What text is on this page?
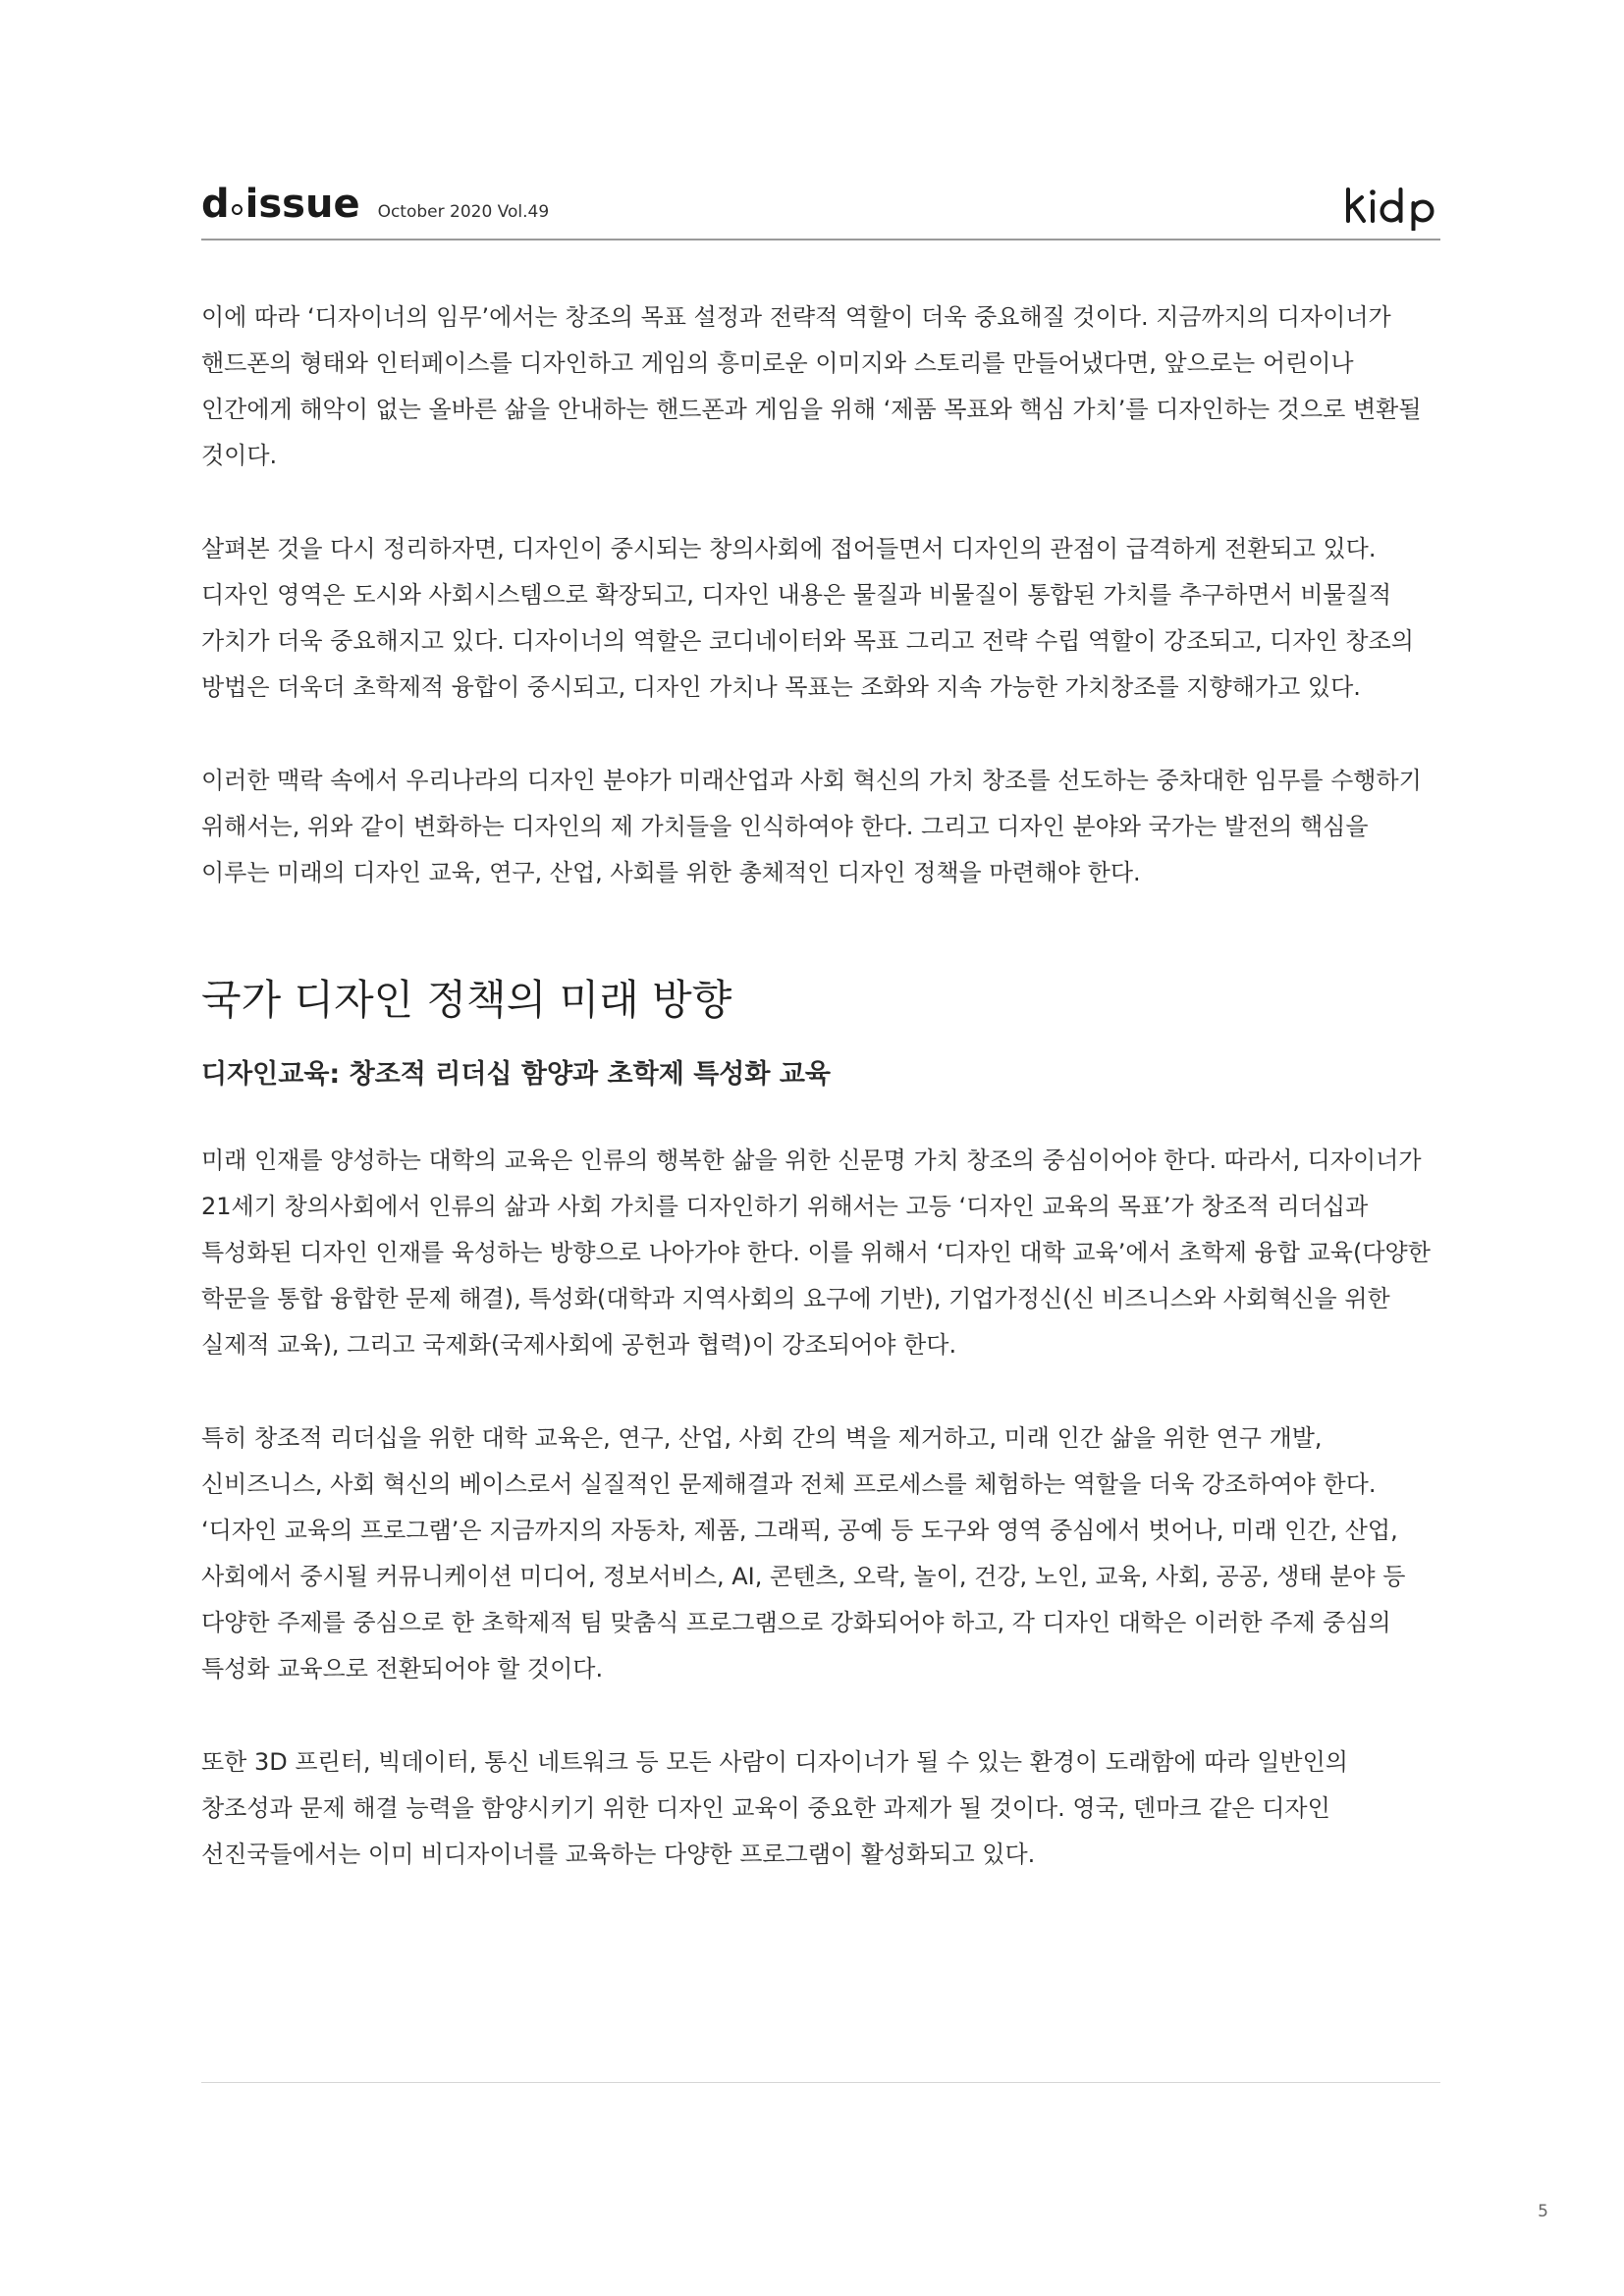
d issue October 2020 Vol.49

이에 따라 ‘디자이너의 임무’에서는 창조의 목표 설정과 전략적 역할이 더욱 중요해질 것이다. 지금까지의 디자이너가 핸드폰의 형태와 인터페이스를 디자인하고 게임의 흥미로운 이미지와 스토리를 만들어냈다면, 앞으로는 어린이나 인간에게 해악이 없는 올바른 삶을 안내하는 핸드폰과 게임을 위해 ‘제품 목표와 핵심 가치’를 디자인하는 것으로 변환될 것이다.

살펴본 것을 다시 정리하자면, 디자인이 중시되는 창의사회에 접어들면서 디자인의 관점이 급격하게 전환되고 있다. 디자인 영역은 도시와 사회시스템으로 확장되고, 디자인 내용은 물질과 비물질이 통합된 가치를 추구하면서 비물질적 가치가 더욱 중요해지고 있다. 디자이너의 역할은 코디네이터와 목표 그리고 전략 수립 역할이 강조되고, 디자인 창조의 방법은 더욱더 초학제적 융합이 중시되고, 디자인 가치나 목표는 조화와 지속 가능한 가치창조를 지향해가고 있다.

이러한 맥락 속에서 우리나라의 디자인 분야가 미래산업과 사회 혁신의 가치 창조를 선도하는 중차대한 임무를 수행하기 위해서는, 위와 같이 변화하는 디자인의 제 가치들을 인식하여야 한다. 그리고 디자인 분야와 국가는 발전의 핵심을 이루는 미래의 디자인 교육, 연구, 산업, 사회를 위한 총체적인 디자인 정책을 마련해야 한다.

국가 디자인 정책의 미래 방향
디자인교육: 창조적 리더십 함양과 초학제 특성화 교육

미래 인재를 양성하는 대학의 교육은 인류의 행복한 삶을 위한 신문명 가치 창조의 중심이어야 한다. 따라서, 디자이너가 21세기 창의사회에서 인류의 삶과 사회 가치를 디자인하기 위해서는 고등 ‘디자인 교육의 목표’가 창조적 리더십과 특성화된 디자인 인재를 육성하는 방향으로 나아가야 한다. 이를 위해서 ‘디자인 대학 교육’에서 초학제 융합 교육(다양한 학문을 통합 융합한 문제 해결), 특성화(대학과 지역사회의 요구에 기반), 기업가정신(신 비즈니스와 사회혁신을 위한 실제적 교육), 그리고 국제화(국제사회에 공헌과 협력)이 강조되어야 한다.

특히 창조적 리더십을 위한 대학 교육은, 연구, 산업, 사회 간의 벽을 제거하고, 미래 인간 삶을 위한 연구 개발, 신비즈니스, 사회 혁신의 베이스로서 실질적인 문제해결과 전체 프로세스를 체험하는 역할을 더욱 강조하여야 한다. ‘디자인 교육의 프로그램’은 지금까지의 자동차, 제품, 그래픽, 공예 등 도구와 영역 중심에서 벗어나, 미래 인간, 산업, 사회에서 중시될 커뮤니케이션 미디어, 정보서비스, AI, 콘텐츠, 오락, 놀이, 건강, 노인, 교육, 사회, 공공, 생태 분야 등 다양한 주제를 중심으로 한 초학제적 팀 맞춤식 프로그램으로 강화되어야 하고, 각 디자인 대학은 이러한 주제 중심의 특성화 교육으로 전환되어야 할 것이다.

또한 3D 프린터, 빅데이터, 통신 네트워크 등 모든 사람이 디자이너가 될 수 있는 환경이 도래함에 따라 일반인의 창조성과 문제 해결 능력을 함양시키기 위한 디자인 교육이 중요한 과제가 될 것이다. 영국, 덴마크 같은 디자인 선진국들에서는 이미 비디자이너를 교육하는 다양한 프로그램이 활성화되고 있다.

5
